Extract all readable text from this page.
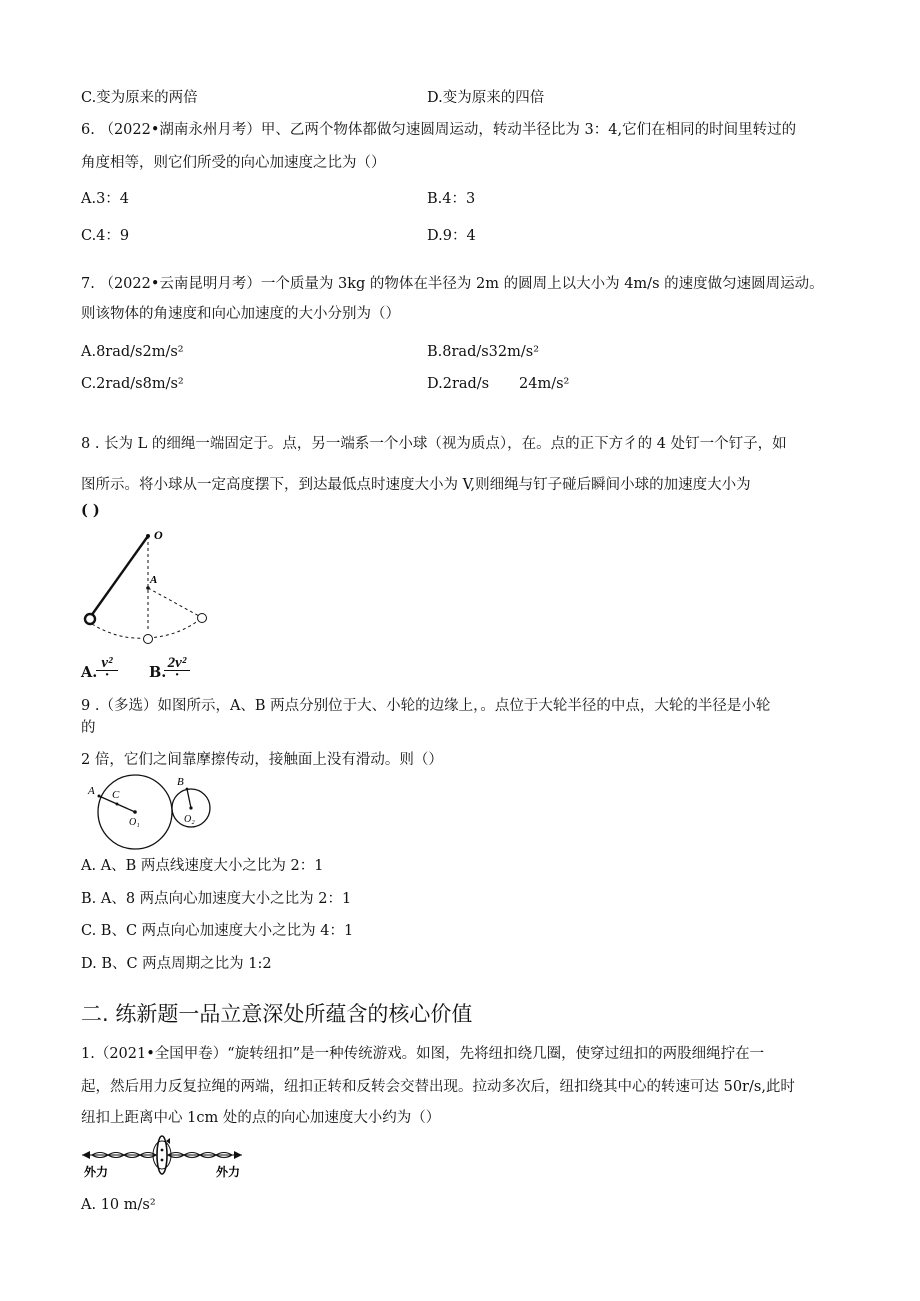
C.变为原来的两倍	D.变为原来的四倍
6. （2022•湖南永州月考）甲、乙两个物体都做匀速圆周运动，转动半径比为 3：4,它们在相同的时间里转过的
角度相等，则它们所受的向心加速度之比为（）
A.3：4	B.4：3
C.4：9	D.9：4
7. （2022•云南昆明月考）一个质量为 3kg 的物体在半径为 2m 的圆周上以大小为 4m/s 的速度做匀速圆周运动。
则该物体的角速度和向心加速度的大小分别为（）
A.8rad/s2m/s²	B.8rad/s32m/s²
C.2rad/s8m/s²	D.2rad/s 24m/s²
8 . 长为 L 的细绳一端固定于。点，另一端系一个小球（视为质点），在。点的正下方彳的 4 处钉一个钉子，如
图所示。将小球从一定高度摆下，到达最低点时速度大小为 V,则细绳与钉子碰后瞬间小球的加速度大小为
( )
O
A
A.
v²
·	B.
2v²
·
9 .（多选）如图所示，A、B 两点分别位于大、小轮的边缘上，。点位于大轮半径的中点，大轮的半径是小轮
的
2 倍，它们之间靠摩擦传动，接触面上没有滑动。则（）
A C
O₁
B
O₂
A. A、B 两点线速度大小之比为 2：1
B. A、8 两点向心加速度大小之比为 2：1
C. B、C 两点向心加速度大小之比为 4：1
D. B、C 两点周期之比为 1:2
二. 练新题一品立意深处所蕴含的核心价值
1.（2021•全国甲卷）“旋转纽扣”是一种传统游戏。如图，先将纽扣绕几圈，使穿过纽扣的两股细绳拧在一
起，然后用力反复拉绳的两端，纽扣正转和反转会交替出现。拉动多次后，纽扣绕其中心的转速可达 50r/s,此时
纽扣上距离中心 1cm 处的点的向心加速度大小约为（）
外力	外力
A. 10 m/s²
